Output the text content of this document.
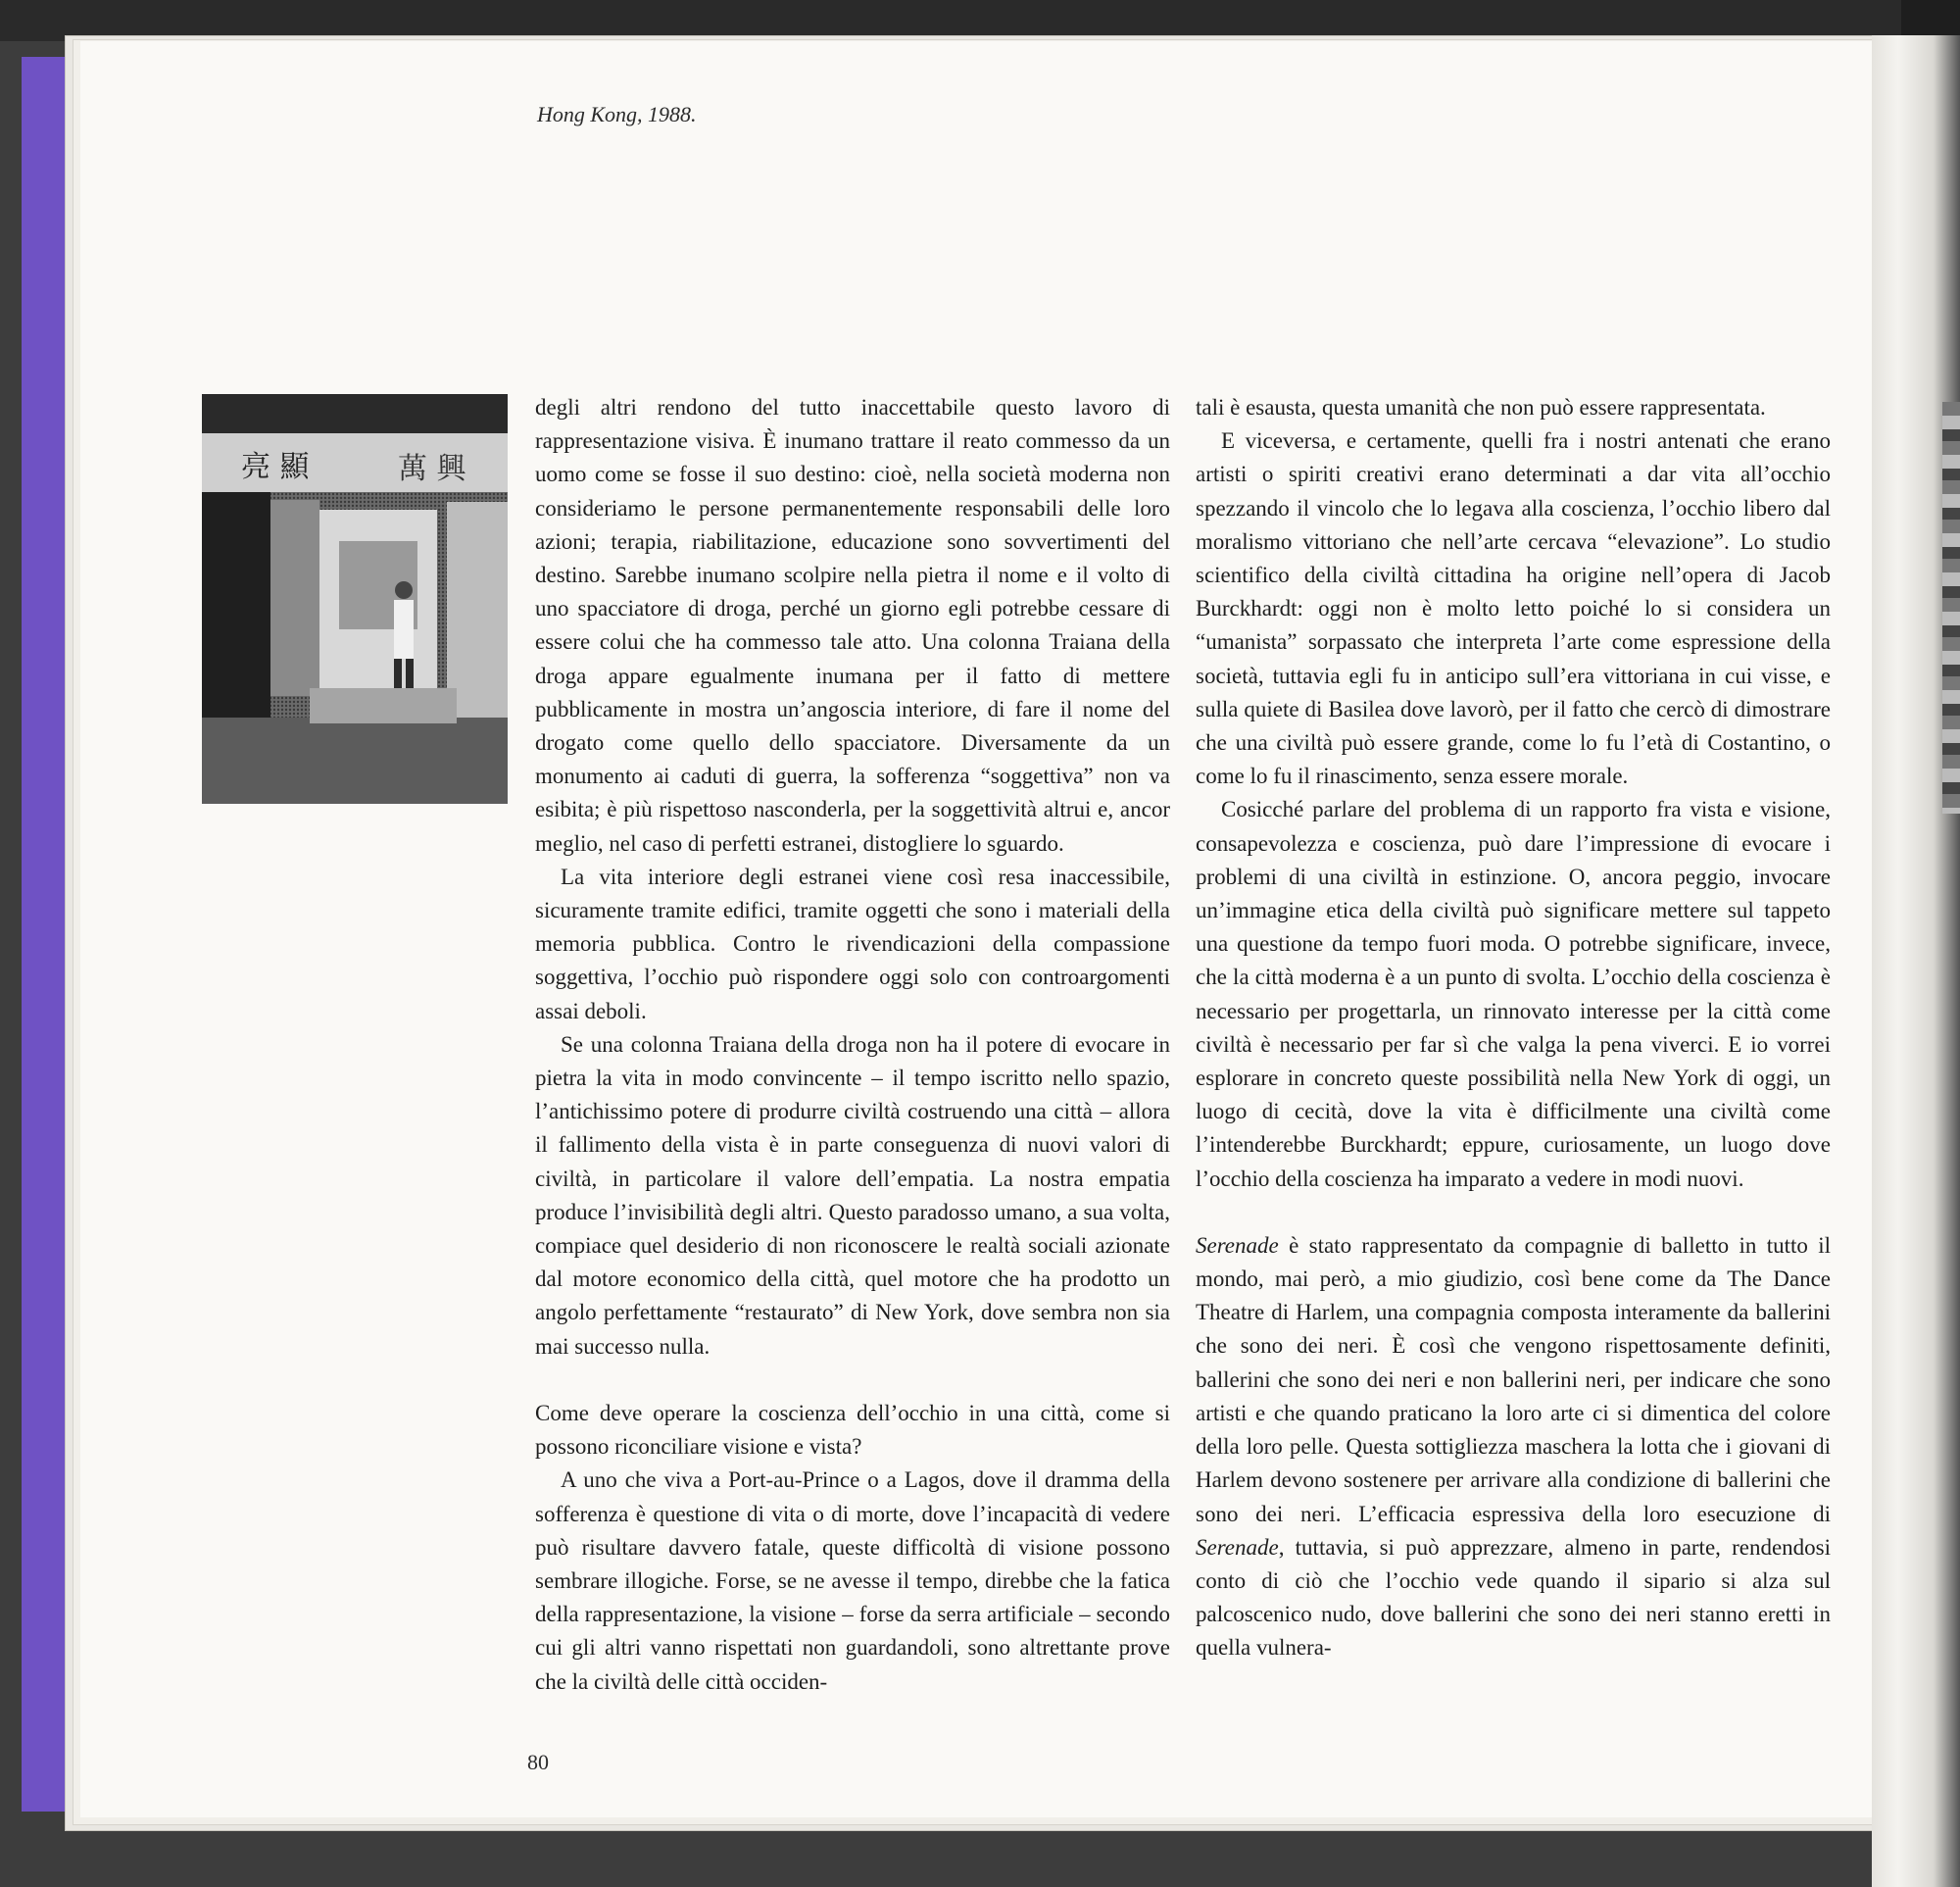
Hong Kong, 1988.
亮 顯	萬 興

degli altri rendono del tutto inaccettabile questo lavoro di rappresentazione visiva. È inumano trattare il reato commesso da un uomo come se fosse il suo destino: cioè, nella società moderna non consideriamo le persone permanentemente responsabili delle loro azioni; terapia, riabilitazione, educazione sono sovvertimenti del destino. Sarebbe inumano scolpire nella pietra il nome e il volto di uno spacciatore di droga, perché un giorno egli potrebbe cessare di essere colui che ha commesso tale atto. Una colonna Traiana della droga appare egualmente inumana per il fatto di mettere pubblicamente in mostra un’angoscia interiore, di fare il nome del drogato come quello dello spacciatore. Diversamente da un monumento ai caduti di guerra, la sofferenza “soggettiva” non va esibita; è più rispettoso nasconderla, per la soggettività altrui e, ancor meglio, nel caso di perfetti estranei, distogliere lo sguardo.

La vita interiore degli estranei viene così resa inaccessibile, sicuramente tramite edifici, tramite oggetti che sono i materiali della memoria pubblica. Contro le rivendicazioni della compassione soggettiva, l’occhio può rispondere oggi solo con controargomenti assai deboli.

Se una colonna Traiana della droga non ha il potere di evocare in pietra la vita in modo convincente – il tempo iscritto nello spazio, l’antichissimo potere di produrre civiltà costruendo una città – allora il fallimento della vista è in parte conseguenza di nuovi valori di civiltà, in particolare il valore dell’empatia. La nostra empatia produce l’invisibilità degli altri. Questo paradosso umano, a sua volta, compiace quel desiderio di non riconoscere le realtà sociali azionate dal motore economico della città, quel motore che ha prodotto un angolo perfettamente “restaurato” di New York, dove sembra non sia mai successo nulla.

Come deve operare la coscienza dell’occhio in una città, come si possono riconciliare visione e vista?

A uno che viva a Port-au-Prince o a Lagos, dove il dramma della sofferenza è questione di vita o di morte, dove l’incapacità di vedere può risultare davvero fatale, queste difficoltà di visione possono sembrare illogiche. Forse, se ne avesse il tempo, direbbe che la fatica della rappresentazione, la visione – forse da serra artificiale – secondo cui gli altri vanno rispettati non guardandoli, sono altrettante prove che la civiltà delle città occiden-

tali è esausta, questa umanità che non può essere rappresentata.

E viceversa, e certamente, quelli fra i nostri antenati che erano artisti o spiriti creativi erano determinati a dar vita all’occhio spezzando il vincolo che lo legava alla coscienza, l’occhio libero dal moralismo vittoriano che nell’arte cercava “elevazione”. Lo studio scientifico della civiltà cittadina ha origine nell’opera di Jacob Burckhardt: oggi non è molto letto poiché lo si considera un “umanista” sorpassato che interpreta l’arte come espressione della società, tuttavia egli fu in anticipo sull’era vittoriana in cui visse, e sulla quiete di Basilea dove lavorò, per il fatto che cercò di dimostrare che una civiltà può essere grande, come lo fu l’età di Costantino, o come lo fu il rinascimento, senza essere morale.

Cosicché parlare del problema di un rapporto fra vista e visione, consapevolezza e coscienza, può dare l’impressione di evocare i problemi di una civiltà in estinzione. O, ancora peggio, invocare un’immagine etica della civiltà può significare mettere sul tappeto una questione da tempo fuori moda. O potrebbe significare, invece, che la città moderna è a un punto di svolta. L’occhio della coscienza è necessario per progettarla, un rinnovato interesse per la città come civiltà è necessario per far sì che valga la pena viverci. E io vorrei esplorare in concreto queste possibilità nella New York di oggi, un luogo di cecità, dove la vita è difficilmente una civiltà come l’intenderebbe Burckhardt; eppure, curiosamente, un luogo dove l’occhio della coscienza ha imparato a vedere in modi nuovi.

Serenade è stato rappresentato da compagnie di balletto in tutto il mondo, mai però, a mio giudizio, così bene come da The Dance Theatre di Harlem, una compagnia composta interamente da ballerini che sono dei neri. È così che vengono rispettosamente definiti, ballerini che sono dei neri e non ballerini neri, per indicare che sono artisti e che quando praticano la loro arte ci si dimentica del colore della loro pelle. Questa sottigliezza maschera la lotta che i giovani di Harlem devono sostenere per arrivare alla condizione di ballerini che sono dei neri. L’efficacia espressiva della loro esecuzione di Serenade, tuttavia, si può apprezzare, almeno in parte, rendendosi conto di ciò che l’occhio vede quando il sipario si alza sul palcoscenico nudo, dove ballerini che sono dei neri stanno eretti in quella vulnera-

80
